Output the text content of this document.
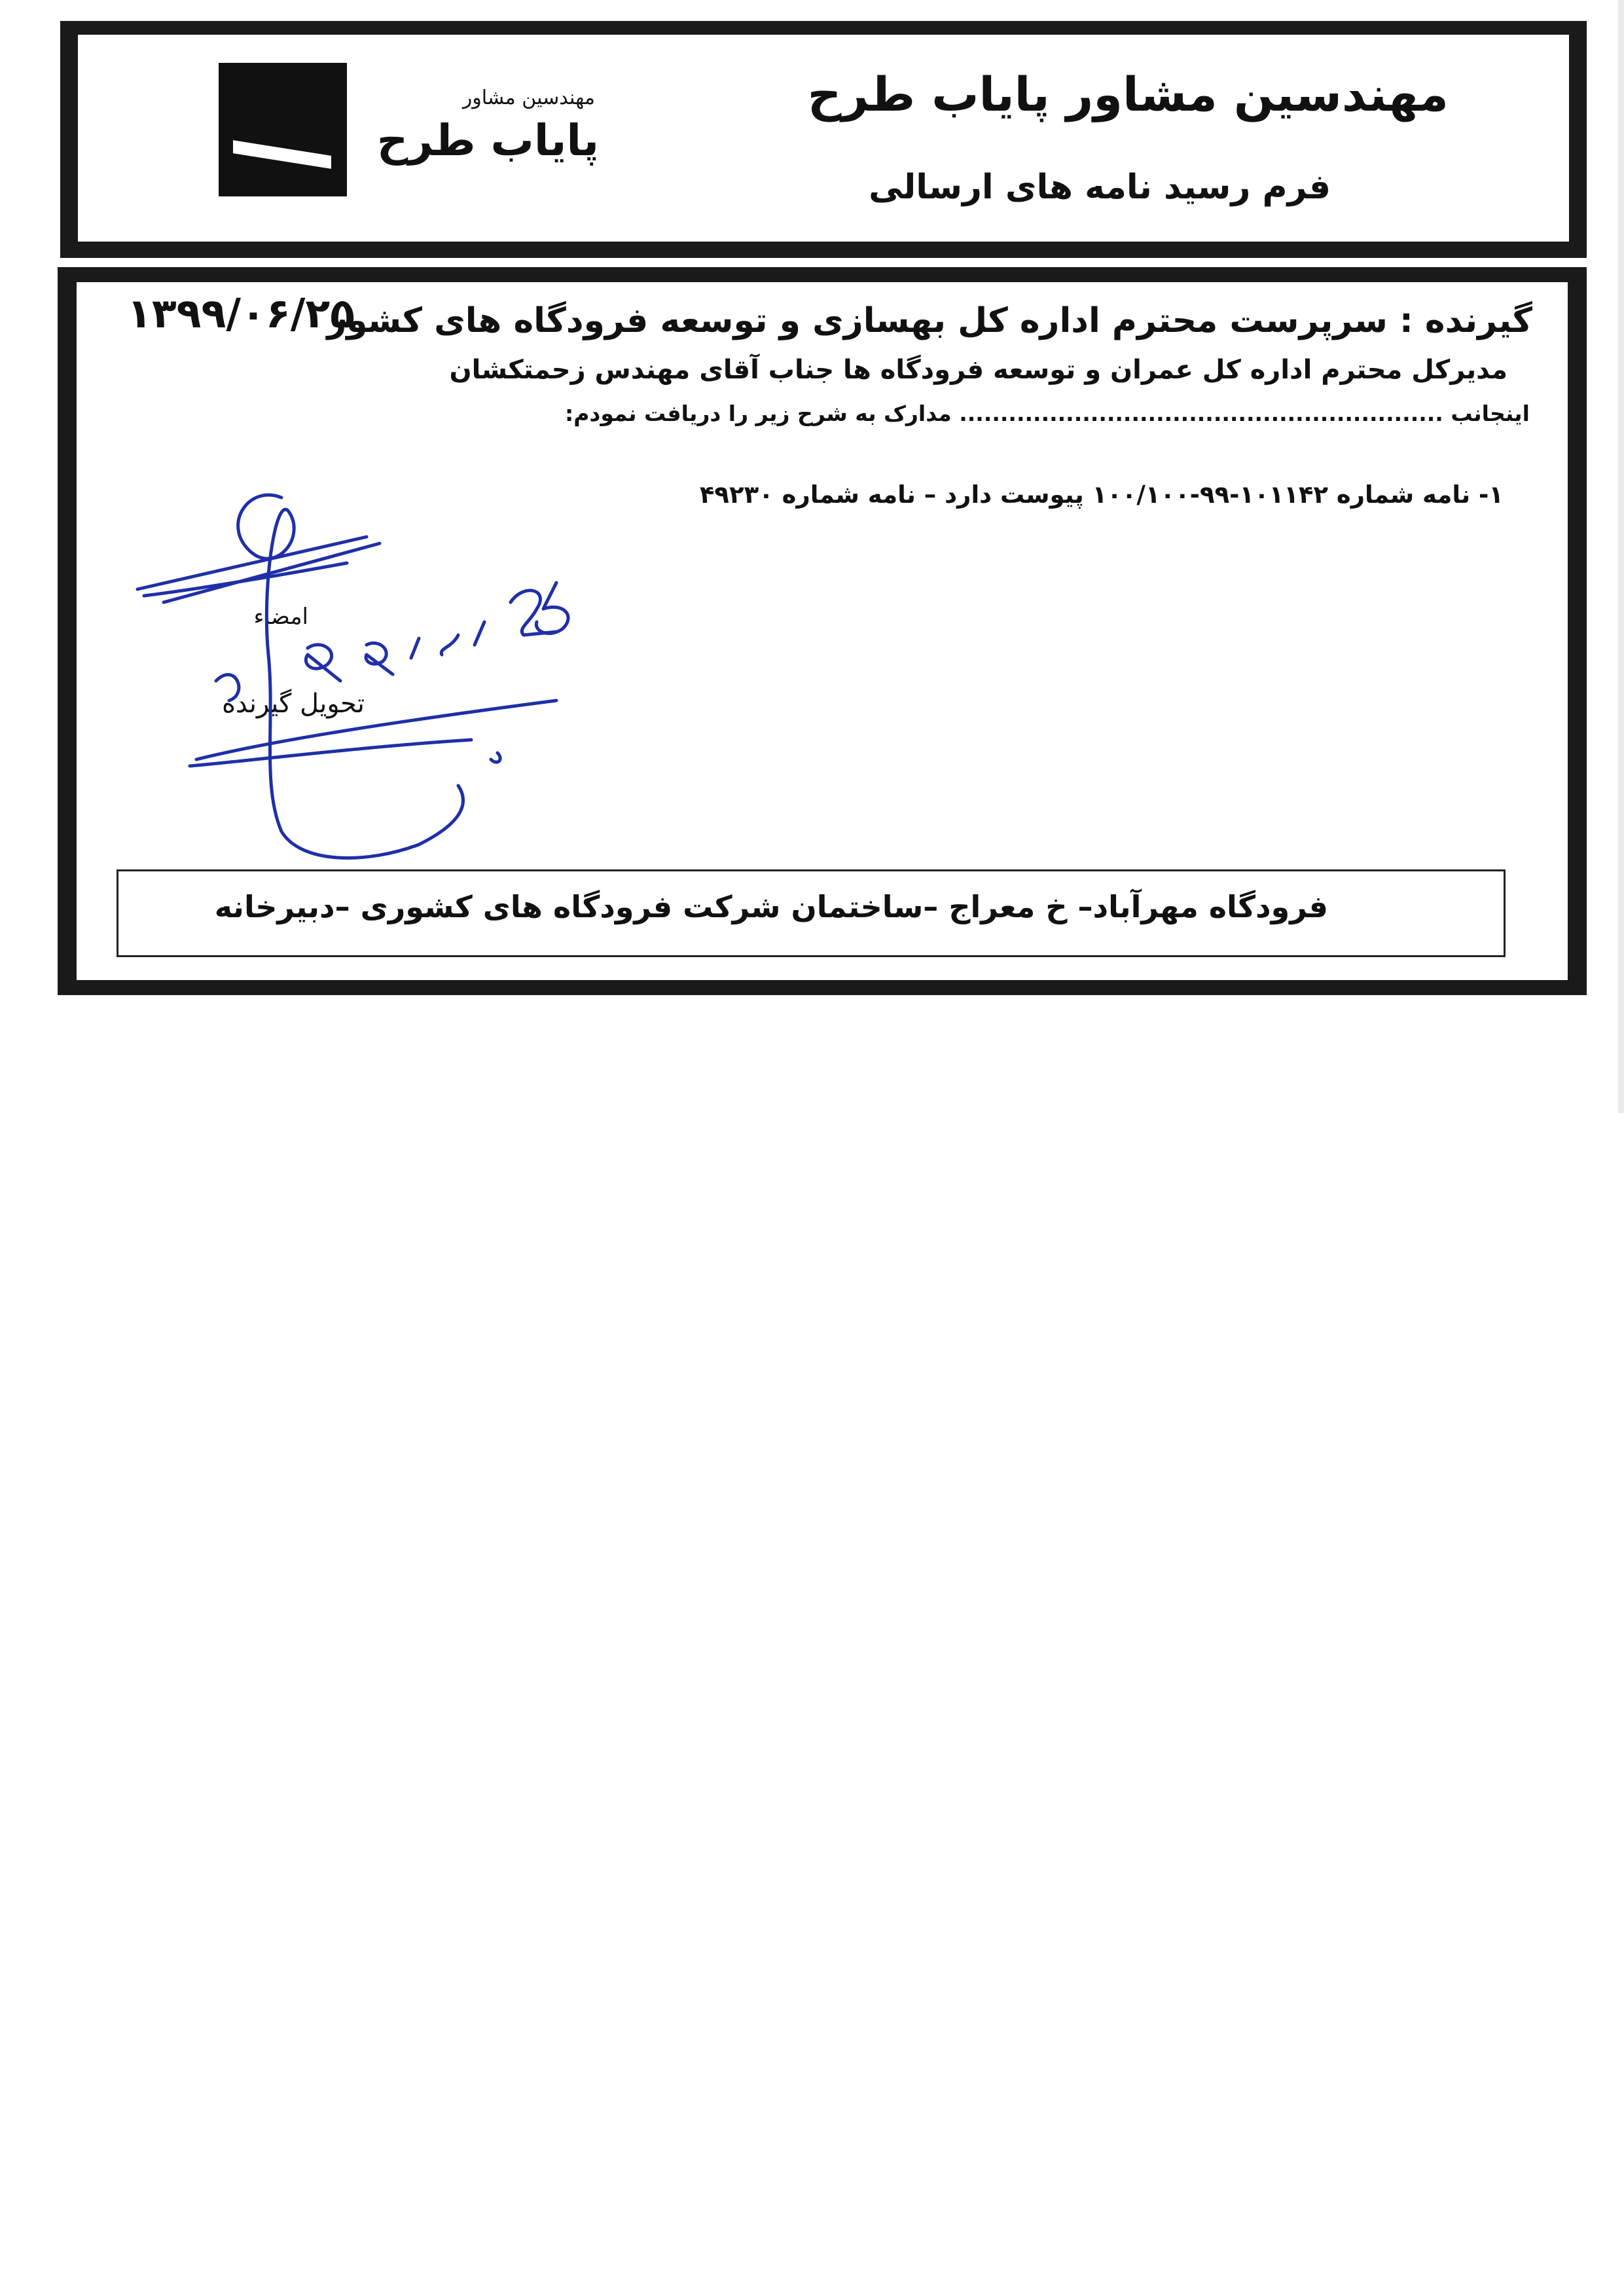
مهندسین مشاور
پایاب طرح
مهندسین مشاور پایاب طرح
فرم رسید نامه های ارسالی
۱۳۹۹/۰۶/۲۵
گیرنده : سرپرست محترم اداره کل بهسازی و توسعه فرودگاه های کشور
مدیرکل محترم اداره کل عمران و توسعه فرودگاه ها جناب آقای مهندس زحمتکشان
اینجانب ........................................................... مدارک به شرح زیر را دریافت نمودم:
۱- نامه شماره ۱۰۱۱۴۲-۹۹-۱۰۰/۱۰۰ پیوست دارد – نامه شماره ۴۹۲۳۰
امضاء
تحویل گیرنده
فرودگاه مهرآباد– خ معراج –ساختمان شرکت فرودگاه های کشوری –دبیرخانه
